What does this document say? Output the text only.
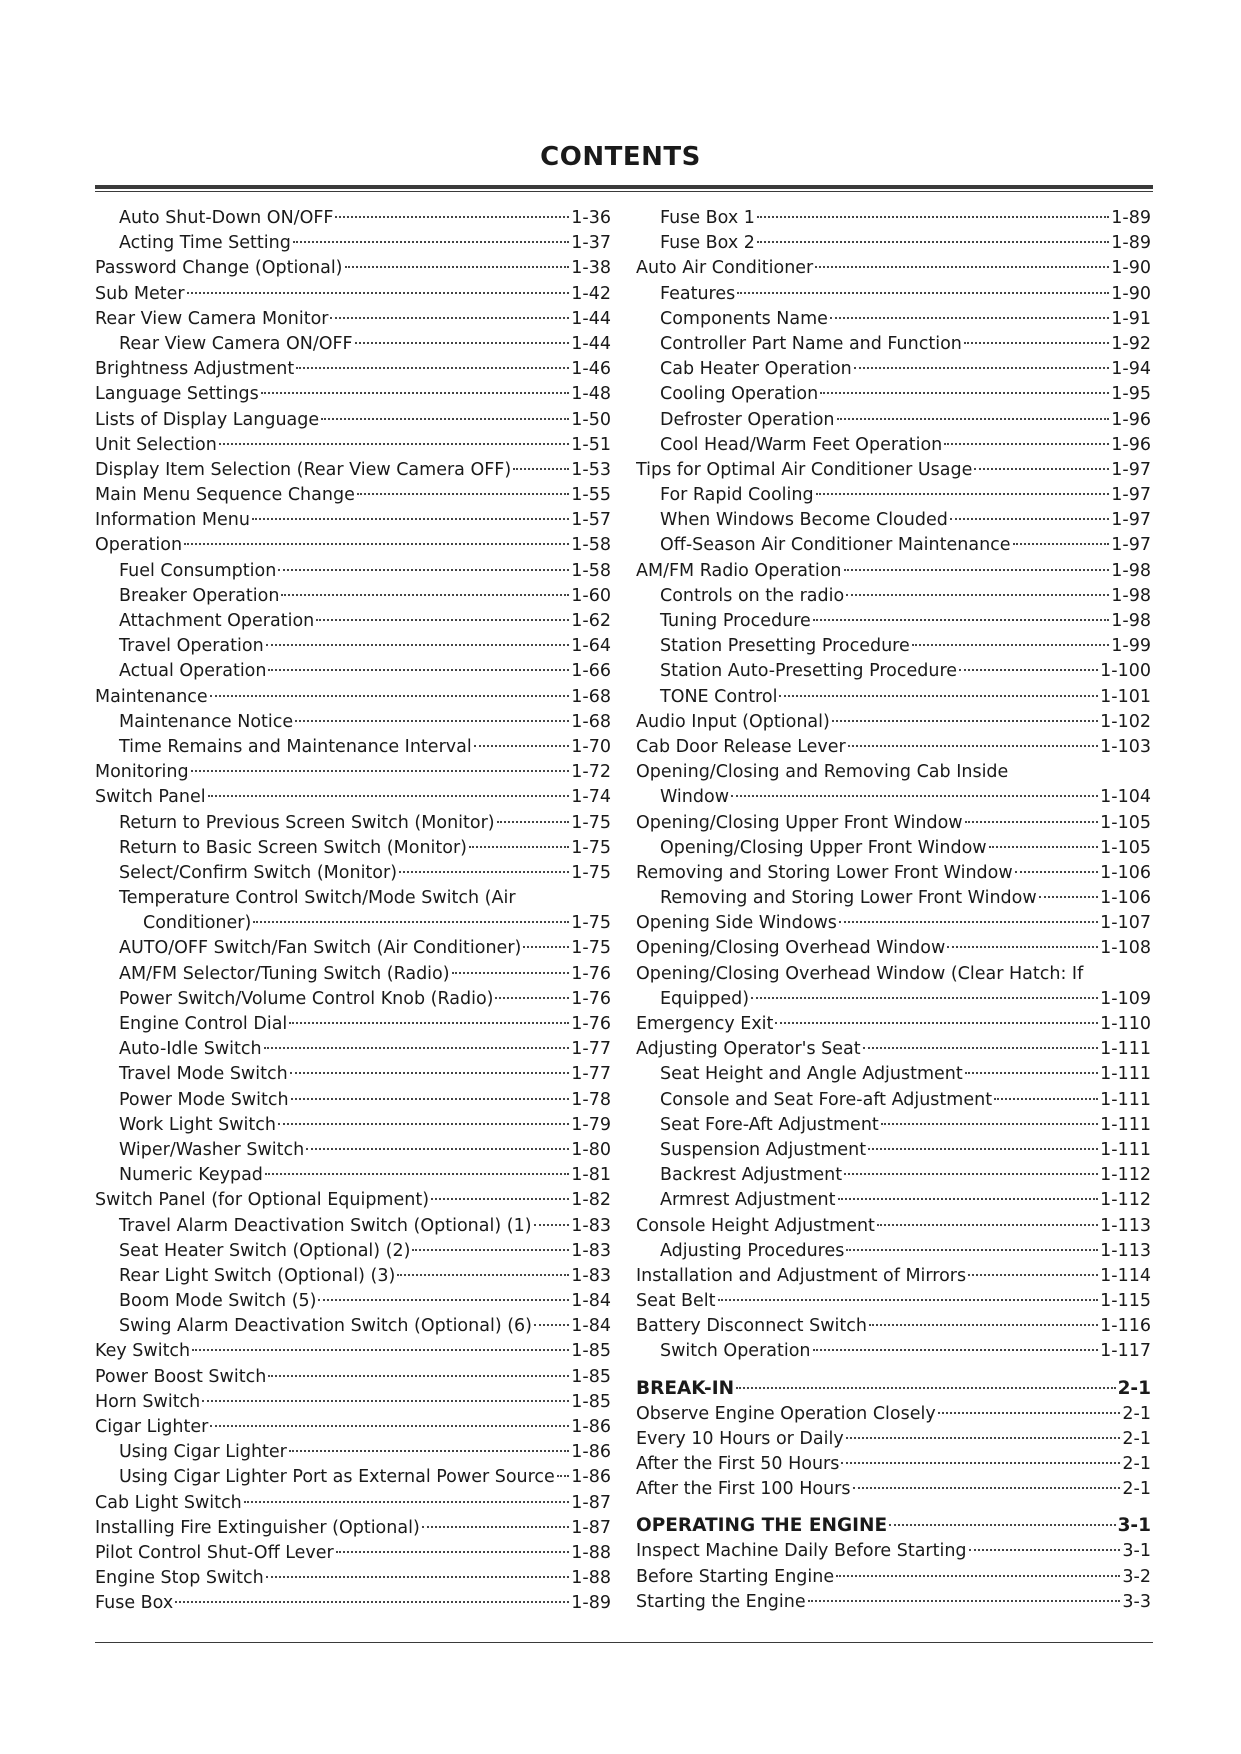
CONTENTS
Auto Shut-Down ON/OFF	1-36
Acting Time Setting	1-37
Password Change (Optional)	1-38
Sub Meter	1-42
Rear View Camera Monitor	1-44
Rear View Camera ON/OFF	1-44
Brightness Adjustment	1-46
Language Settings	1-48
Lists of Display Language	1-50
Unit Selection	1-51
Display Item Selection (Rear View Camera OFF)	1-53
Main Menu Sequence Change	1-55
Information Menu	1-57
Operation	1-58
Fuel Consumption	1-58
Breaker Operation	1-60
Attachment Operation	1-62
Travel Operation	1-64
Actual Operation	1-66
Maintenance	1-68
Maintenance Notice	1-68
Time Remains and Maintenance Interval	1-70
Monitoring	1-72
Switch Panel	1-74
Return to Previous Screen Switch (Monitor)	1-75
Return to Basic Screen Switch (Monitor)	1-75
Select/Confirm Switch (Monitor)	1-75
Temperature Control Switch/Mode Switch (Air
Conditioner)	1-75
AUTO/OFF Switch/Fan Switch (Air Conditioner)	1-75
AM/FM Selector/Tuning Switch (Radio)	1-76
Power Switch/Volume Control Knob (Radio)	1-76
Engine Control Dial	1-76
Auto-Idle Switch	1-77
Travel Mode Switch	1-77
Power Mode Switch	1-78
Work Light Switch	1-79
Wiper/Washer Switch	1-80
Numeric Keypad	1-81
Switch Panel (for Optional Equipment)	1-82
Travel Alarm Deactivation Switch (Optional) (1) 1-83
Seat Heater Switch (Optional) (2)	1-83
Rear Light Switch (Optional) (3)	1-83
Boom Mode Switch (5)	1-84
Swing Alarm Deactivation Switch (Optional) (6) 1-84
Key Switch	1-85
Power Boost Switch	1-85
Horn Switch	1-85
Cigar Lighter	1-86
Using Cigar Lighter	1-86
Using Cigar Lighter Port as External Power Source 1-86
Cab Light Switch	1-87
Installing Fire Extinguisher (Optional)	1-87
Pilot Control Shut-Off Lever	1-88
Engine Stop Switch	1-88
Fuse Box	1-89
Fuse Box 1	1-89
Fuse Box 2	1-89
Auto Air Conditioner	1-90
Features	1-90
Components Name	1-91
Controller Part Name and Function	1-92
Cab Heater Operation	1-94
Cooling Operation	1-95
Defroster Operation	1-96
Cool Head/Warm Feet Operation	1-96
Tips for Optimal Air Conditioner Usage	1-97
For Rapid Cooling	1-97
When Windows Become Clouded	1-97
Off-Season Air Conditioner Maintenance	1-97
AM/FM Radio Operation	1-98
Controls on the radio	1-98
Tuning Procedure	1-98
Station Presetting Procedure	1-99
Station Auto-Presetting Procedure	1-100
TONE Control	1-101
Audio Input (Optional)	1-102
Cab Door Release Lever	1-103
Opening/Closing and Removing Cab Inside
Window	1-104
Opening/Closing Upper Front Window	1-105
Opening/Closing Upper Front Window	1-105
Removing and Storing Lower Front Window	1-106
Removing and Storing Lower Front Window	1-106
Opening Side Windows	1-107
Opening/Closing Overhead Window	1-108
Opening/Closing Overhead Window (Clear Hatch: If
Equipped)	1-109
Emergency Exit	1-110
Adjusting Operator's Seat	1-111
Seat Height and Angle Adjustment	1-111
Console and Seat Fore-aft Adjustment	1-111
Seat Fore-Aft Adjustment	1-111
Suspension Adjustment	1-111
Backrest Adjustment	1-112
Armrest Adjustment	1-112
Console Height Adjustment	1-113
Adjusting Procedures	1-113
Installation and Adjustment of Mirrors	1-114
Seat Belt	1-115
Battery Disconnect Switch	1-116
Switch Operation	1-117
BREAK-IN	2-1
Observe Engine Operation Closely	2-1
Every 10 Hours or Daily	2-1
After the First 50 Hours	2-1
After the First 100 Hours	2-1
OPERATING THE ENGINE	3-1
Inspect Machine Daily Before Starting	3-1
Before Starting Engine	3-2
Starting the Engine	3-3
